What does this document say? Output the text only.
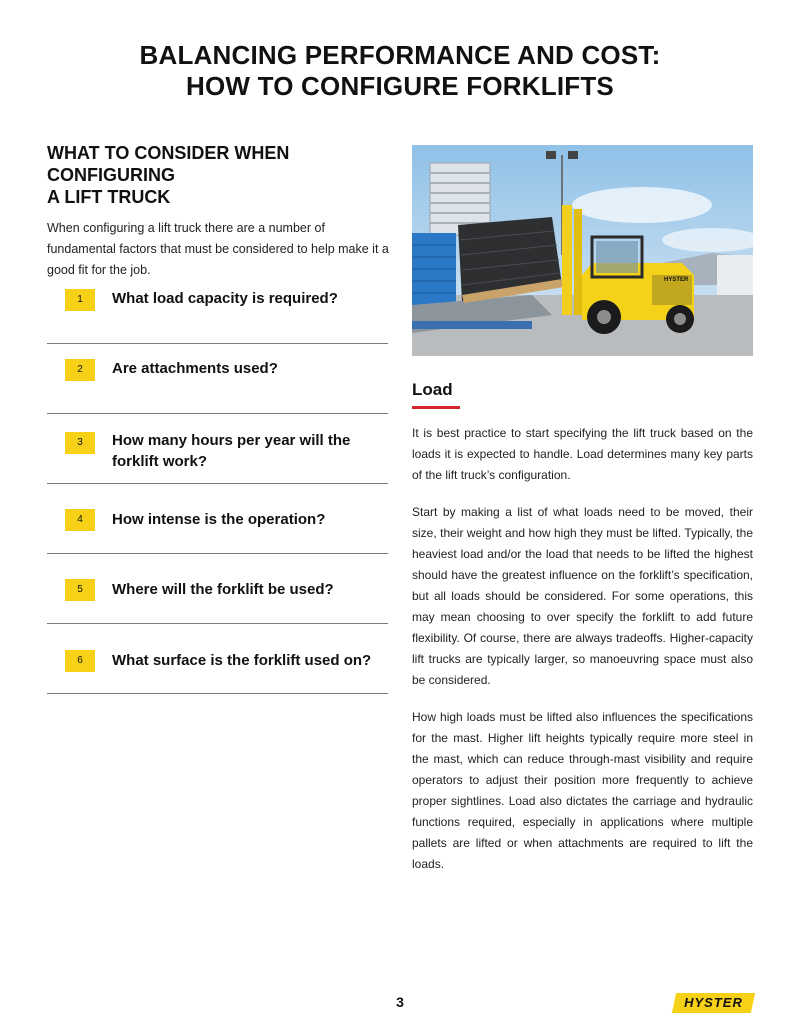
BALANCING PERFORMANCE AND COST:
HOW TO CONFIGURE FORKLIFTS
WHAT TO CONSIDER WHEN CONFIGURING
A LIFT TRUCK
When configuring a lift truck there are a number of fundamental factors that must be considered to help make it a good fit for the job.
1	What load capacity is required?
2	Are attachments used?
3	How many hours per year will the forklift work?
4	How intense is the operation?
5	Where will the forklift be used?
6	What surface is the forklift used on?
HYSTER
Load

It is best practice to start specifying the lift truck based on the loads it is expected to handle. Load determines many key parts of the lift truck’s configuration.

Start by making a list of what loads need to be moved, their size, their weight and how high they must be lifted. Typically, the heaviest load and/or the load that needs to be lifted the highest should have the greatest influence on the forklift’s specification, but all loads should be considered. For some operations, this may mean choosing to over specify the forklift to add future flexibility. Of course, there are always tradeoffs. Higher-capacity lift trucks are typically larger, so manoeuvring space must also be considered.

How high loads must be lifted also influences the specifications for the mast. Higher lift heights typically require more steel in the mast, which can reduce through-mast visibility and require operators to adjust their position more frequently to achieve proper sightlines. Load also dictates the carriage and hydraulic functions required, especially in applications where multiple pallets are lifted or when attachments are required to lift the loads.

3	HYSTER
